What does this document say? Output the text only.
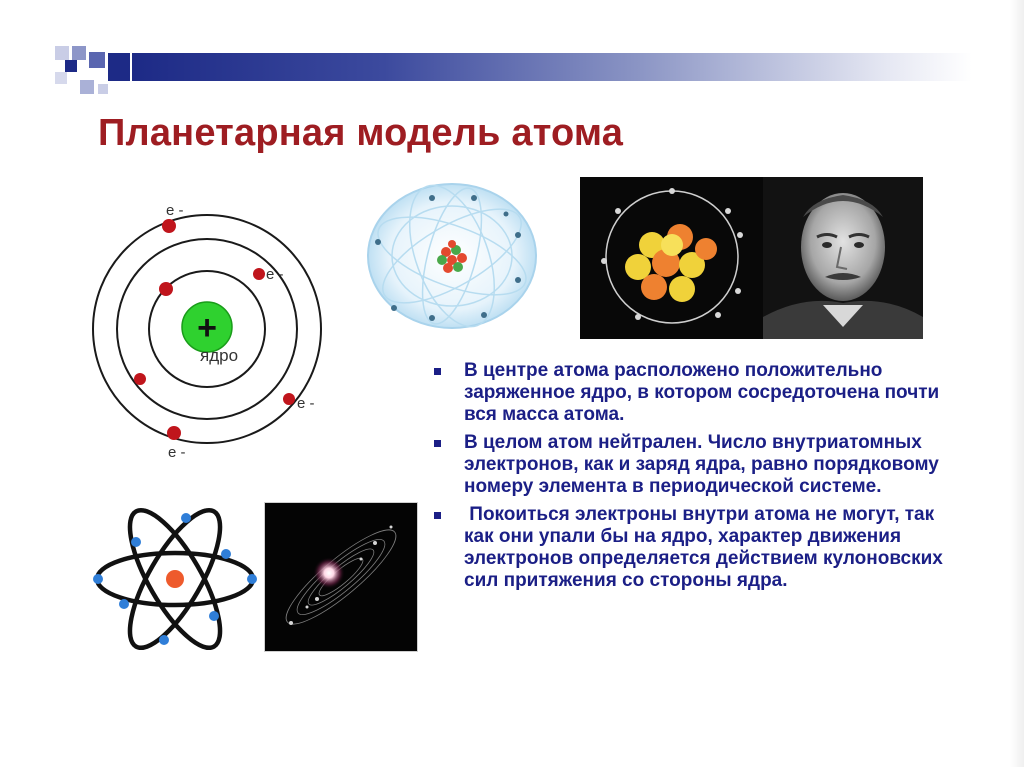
Планетарная модель атома
+
ядро
e -
e -
e -
e -
В центре атома расположено положительно заряженное ядро, в котором сосредоточена почти вся масса атома.
В целом атом нейтрален. Число внутриатомных электронов, как и заряд ядра, равно порядковому номеру элемента в периодической системе.
Покоиться электроны внутри атома не могут, так как они упали бы на ядро, характер движения электронов определяется действием кулоновских сил притяжения со стороны ядра.
